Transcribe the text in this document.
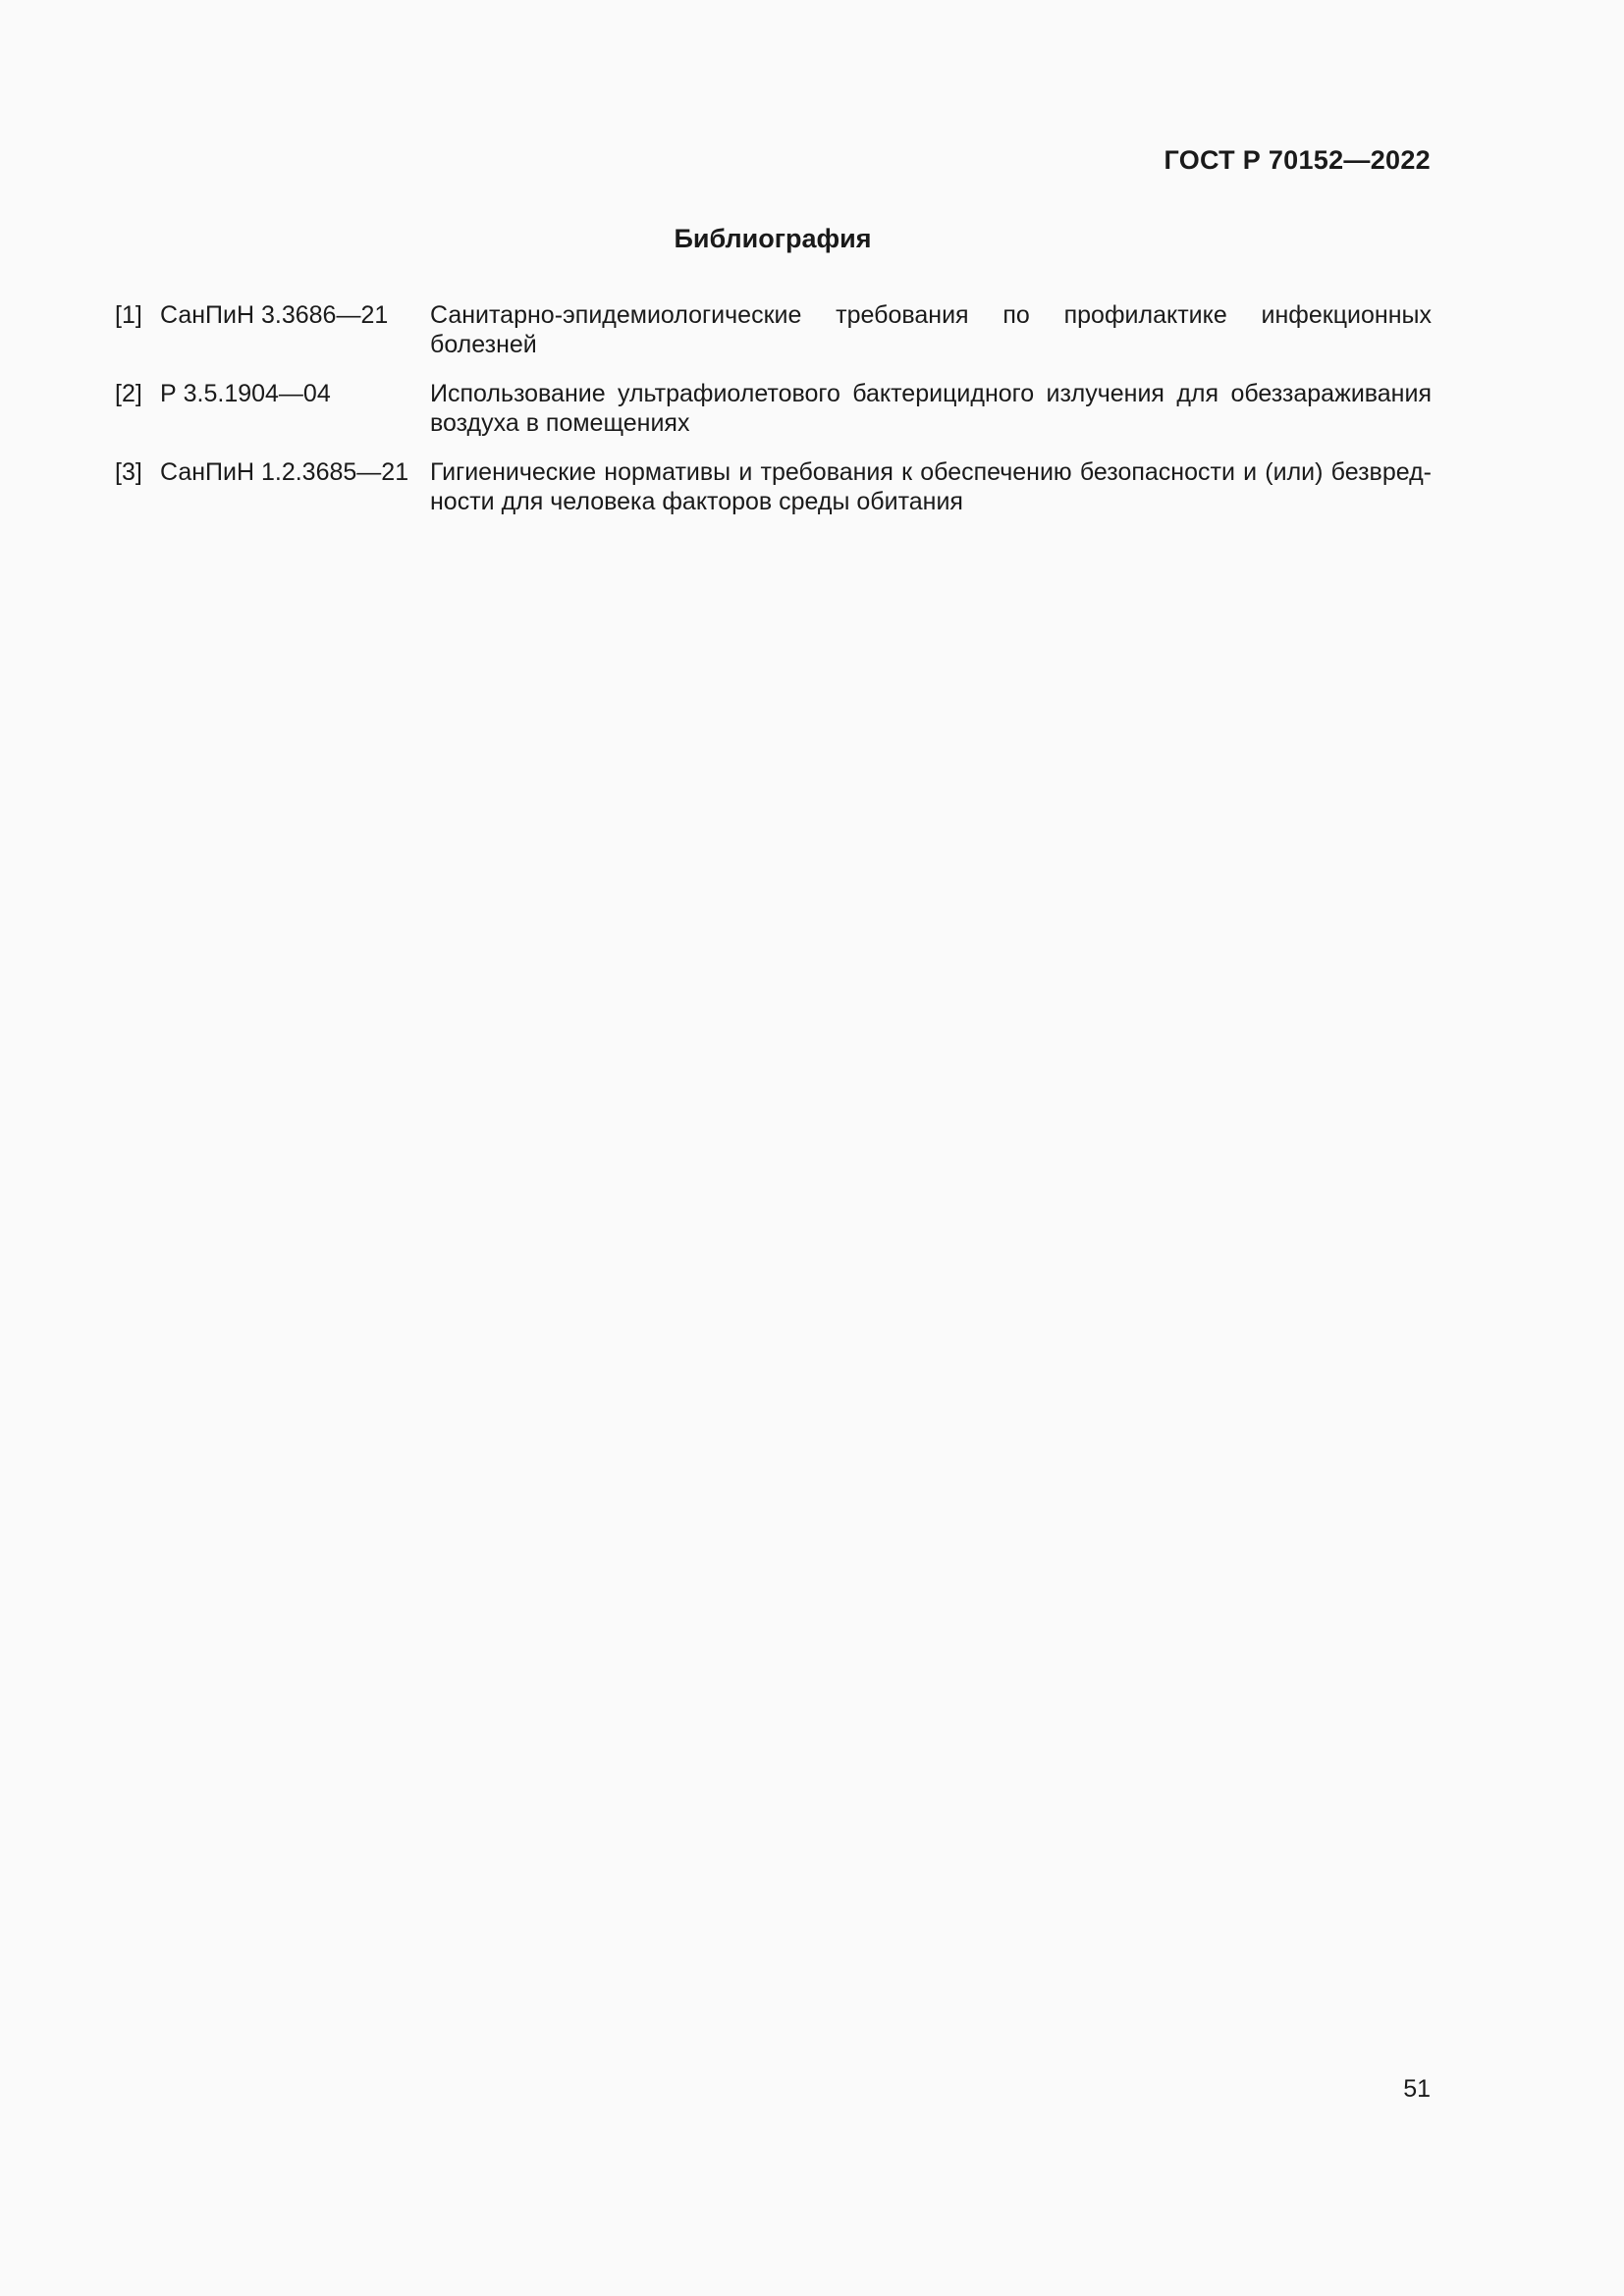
ГОСТ Р 70152—2022
Библиография
[1] СанПиН 3.3686—21	Санитарно-эпидемиологические требования по профилактике инфекционных болезней
[2] Р 3.5.1904—04	Использование ультрафиолетового бактерицидного излучения для обеззараживания воздуха в помещениях
[3] СанПиН 1.2.3685—21 Гигиенические нормативы и требования к обеспечению безопасности и (или) безвред-ности для человека факторов среды обитания
51
